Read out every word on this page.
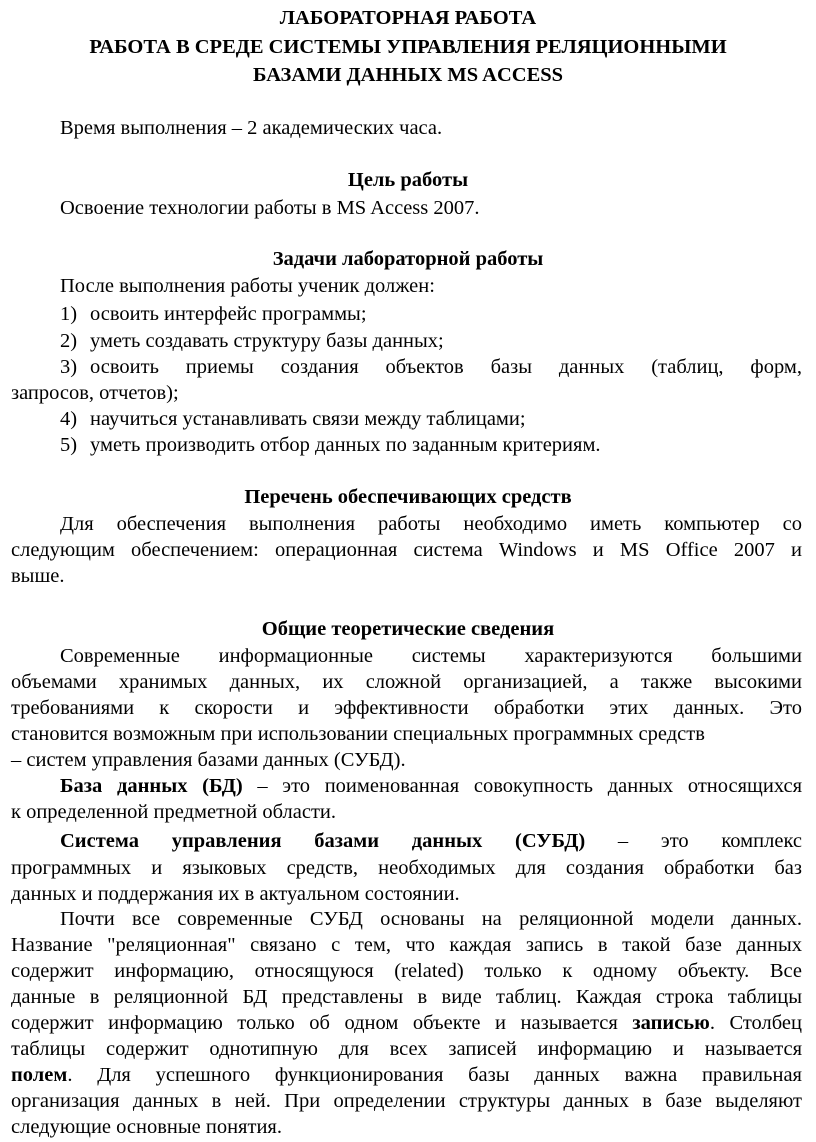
ЛАБОРАТОРНАЯ РАБОТА
РАБОТА В СРЕДЕ СИСТЕМЫ УПРАВЛЕНИЯ РЕЛЯЦИОННЫМИ
БАЗАМИ ДАННЫХ MS ACCESS
Время выполнения – 2 академических часа.
Цель работы
Освоение технологии работы в MS Access 2007.
Задачи лабораторной работы
После выполнения работы ученик должен:
1) освоить интерфейс программы;
2) уметь создавать структуру базы данных;
3) освоить приемы создания объектов базы данных (таблиц, форм,
запросов, отчетов);
4) научиться устанавливать связи между таблицами;
5) уметь производить отбор данных по заданным критериям.
Перечень обеспечивающих средств
Для обеспечения выполнения работы необходимо иметь компьютер со
следующим обеспечением: операционная система Windows и MS Office 2007 и
выше.
Общие теоретические сведения
Современные информационные системы характеризуются большими
объемами хранимых данных, их сложной организацией, а также высокими
требованиями к скорости и эффективности обработки этих данных. Это
становится возможным при использовании специальных программных средств
– систем управления базами данных (СУБД).
База данных (БД) – это поименованная совокупность данных относящихся
к определенной предметной области.
Система управления базами данных (СУБД) – это комплекс
программных и языковых средств, необходимых для создания обработки баз
данных и поддержания их в актуальном состоянии.
Почти все современные СУБД основаны на реляционной модели данных.
Название "реляционная" связано с тем, что каждая запись в такой базе данных
содержит информацию, относящуюся (related) только к одному объекту. Все
данные в реляционной БД представлены в виде таблиц. Каждая строка таблицы
содержит информацию только об одном объекте и называется записью. Столбец
таблицы содержит однотипную для всех записей информацию и называется
полем. Для успешного функционирования базы данных важна правильная
организация данных в ней. При определении структуры данных в базе выделяют
следующие основные понятия.
